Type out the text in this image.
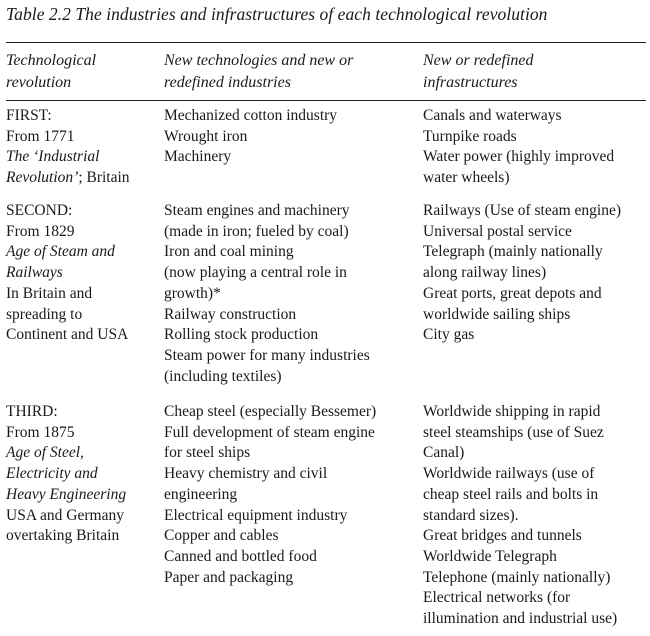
Table 2.2 The industries and infrastructures of each technological revolution
Technological
revolution
New technologies and new or
redefined industries
New or redefined
infrastructures
FIRST:
From 1771
The ‘Industrial
Revolution’; Britain
Mechanized cotton industry
Wrought iron
Machinery
Canals and waterways
Turnpike roads
Water power (highly improved
water wheels)
SECOND:
From 1829
Age of Steam and
Railways
In Britain and
spreading to
Continent and USA
Steam engines and machinery
(made in iron; fueled by coal)
Iron and coal mining
(now playing a central role in
growth)*
Railway construction
Rolling stock production
Steam power for many industries
(including textiles)
Railways (Use of steam engine)
Universal postal service
Telegraph (mainly nationally
along railway lines)
Great ports, great depots and
worldwide sailing ships
City gas
THIRD:
From 1875
Age of Steel,
Electricity and
Heavy Engineering
USA and Germany
overtaking Britain
Cheap steel (especially Bessemer)
Full development of steam engine
for steel ships
Heavy chemistry and civil
engineering
Electrical equipment industry
Copper and cables
Canned and bottled food
Paper and packaging
Worldwide shipping in rapid
steel steamships (use of Suez
Canal)
Worldwide railways (use of
cheap steel rails and bolts in
standard sizes).
Great bridges and tunnels
Worldwide Telegraph
Telephone (mainly nationally)
Electrical networks (for
illumination and industrial use)
